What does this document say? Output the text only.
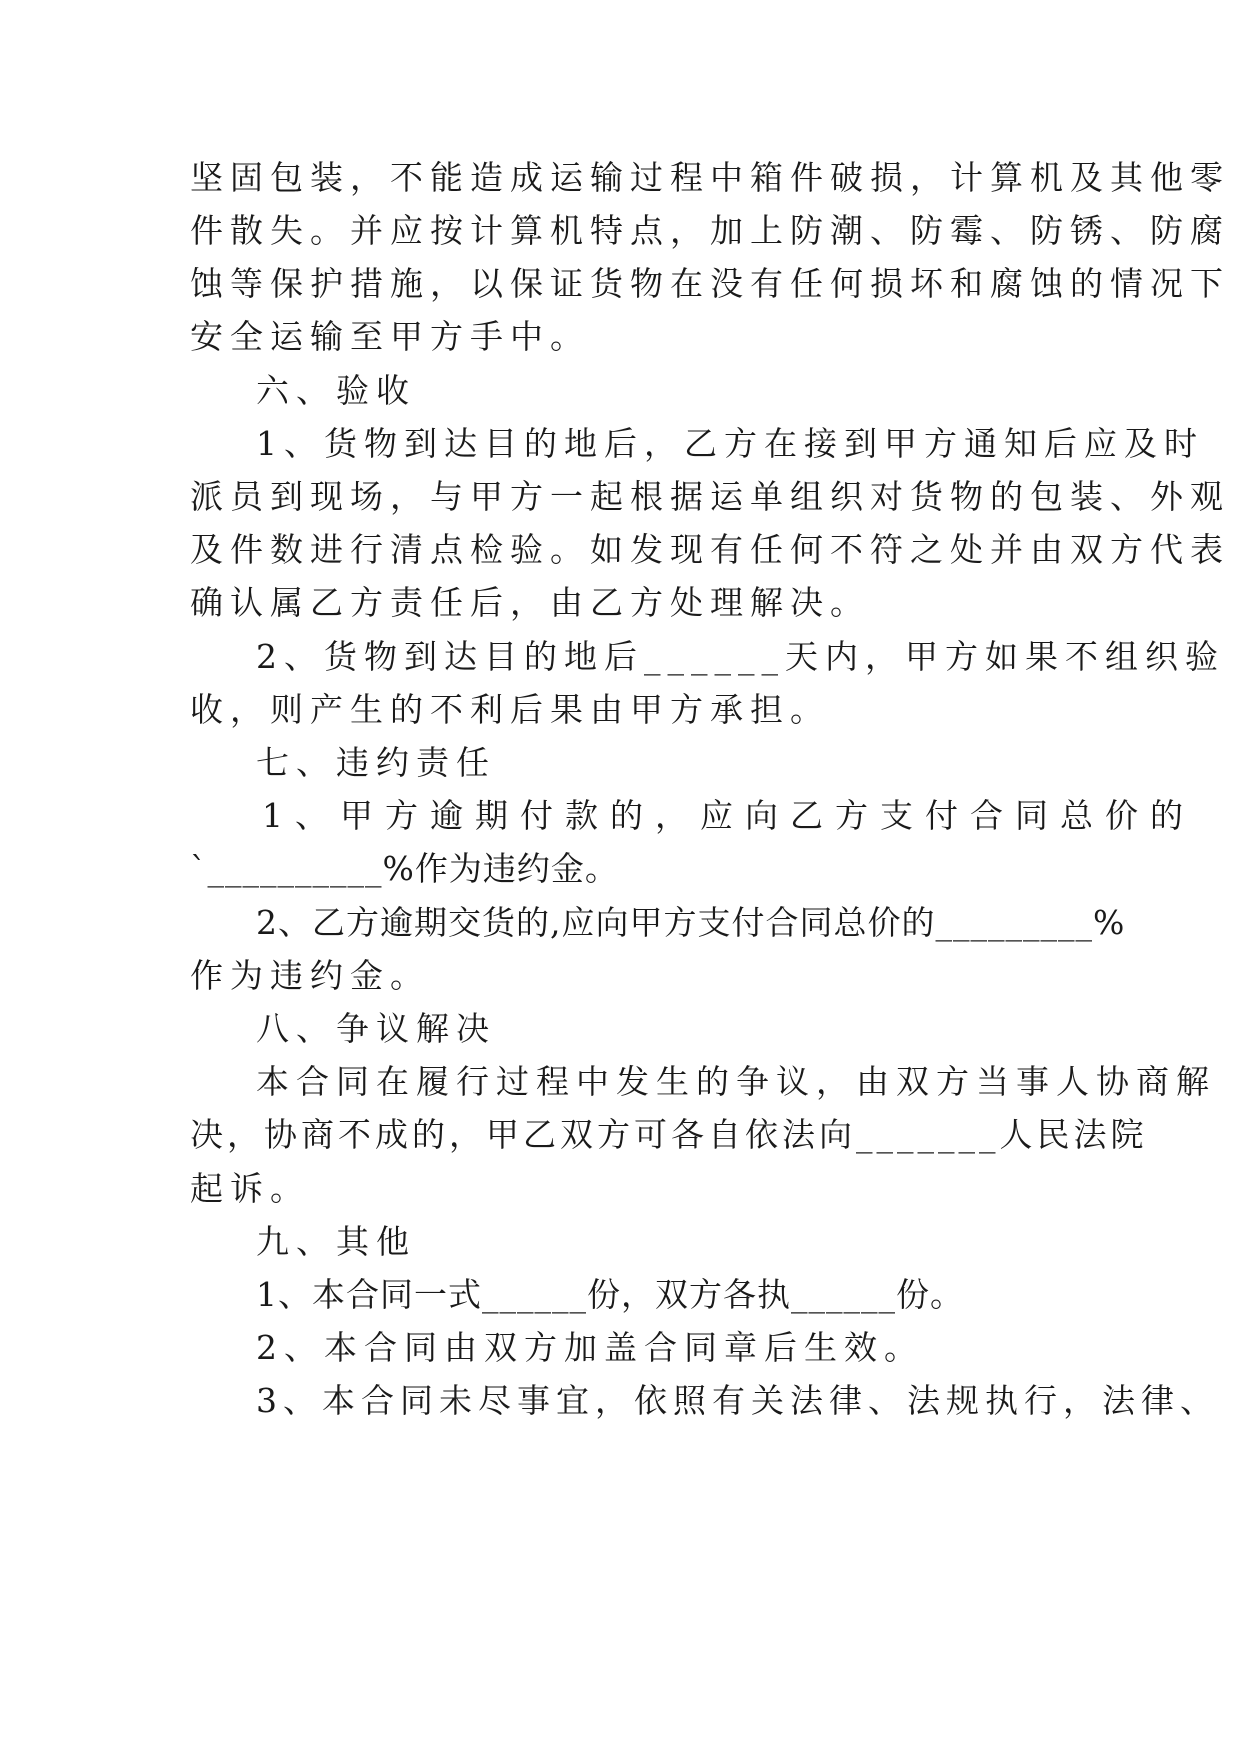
坚固包装，不能造成运输过程中箱件破损，计算机及其他零
件散失。并应按计算机特点，加上防潮、防霉、防锈、防腐
蚀等保护措施，以保证货物在没有任何损坏和腐蚀的情况下
安全运输至甲方手中。
六、验收
1、货物到达目的地后，乙方在接到甲方通知后应及时
派员到现场，与甲方一起根据运单组织对货物的包装、外观
及件数进行清点检验。如发现有任何不符之处并由双方代表
确认属乙方责任后，由乙方处理解决。
2、货物到达目的地后______天内，甲方如果不组织验
收，则产生的不利后果由甲方承担。
七、违约责任
1、甲方逾期付款的，应向乙方支付合同总价的
`__________%作为违约金。
2、乙方逾期交货的,应向甲方支付合同总价的_________%
作为违约金。
八、争议解决
本合同在履行过程中发生的争议，由双方当事人协商解
决，协商不成的，甲乙双方可各自依法向_______人民法院
起诉。
九、其他
1、本合同一式______份，双方各执______份。
2、本合同由双方加盖合同章后生效。
3、本合同未尽事宜，依照有关法律、法规执行，法律、
